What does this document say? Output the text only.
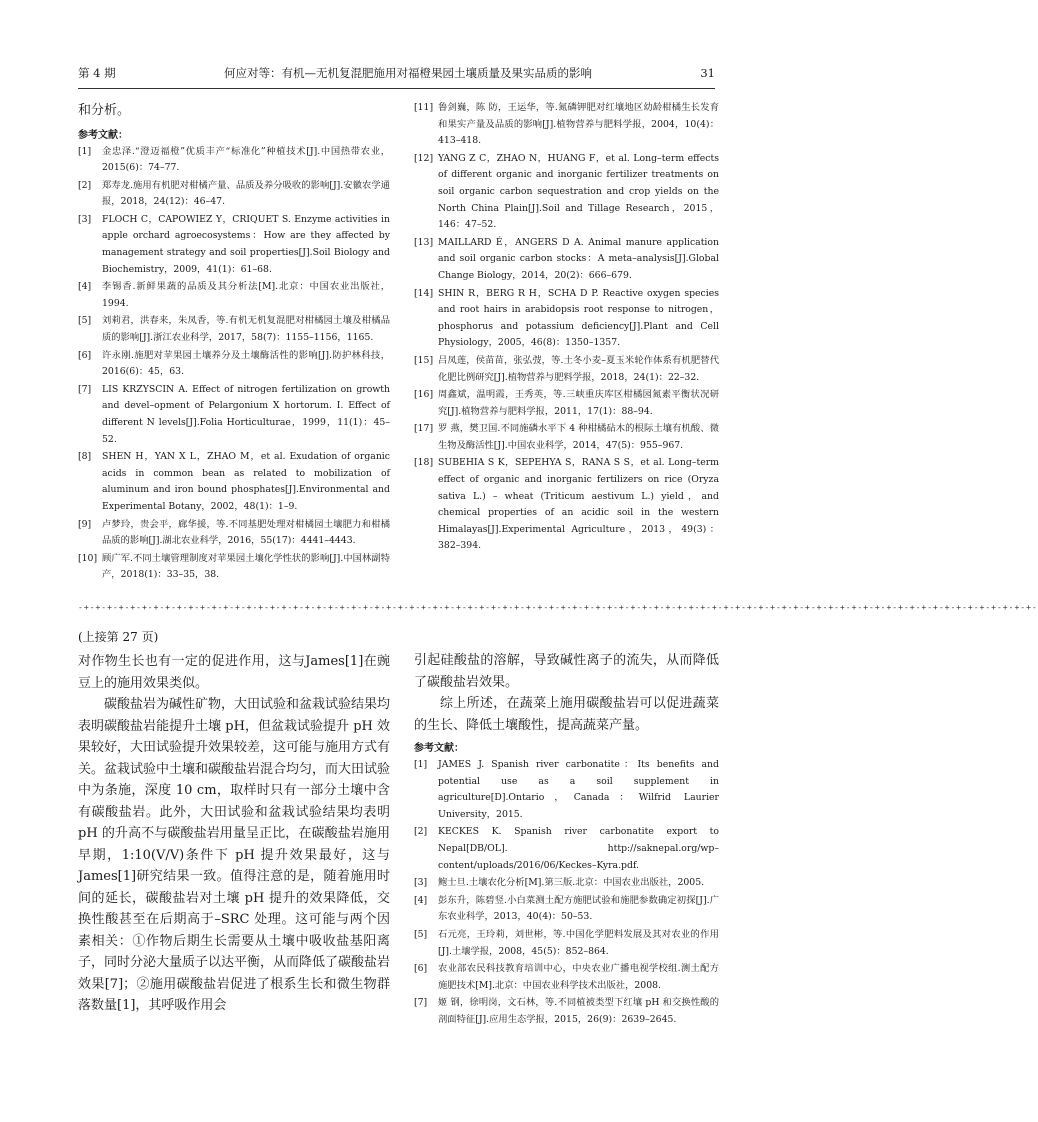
第 4 期	何应对等：有机—无机复混肥施用对福橙果园土壤质量及果实品质的影响	31

和分析。

参考文献：
[1]	金忠泽.“澄迈福橙”优质丰产“标准化”种植技术[J].中国热带农业，2015(6)：74–77.
[2]	郑寿龙.施用有机肥对柑橘产量、品质及养分吸收的影响[J].安徽农学通报，2018，24(12)：46–47.
[3]	FLOCH C，CAPOWIEZ Y，CRIQUET S. Enzyme activities in apple orchard agroecosystems：How are they affected by management strategy and soil properties[J].Soil Biology and Biochemistry，2009，41(1)：61–68.
[4]	李锡香.新鲜果蔬的品质及其分析法[M].北京：中国农业出版社，1994.
[5]	刘莉君，洪春来，朱凤香，等.有机无机复混肥对柑橘园土壤及柑橘品质的影响[J].浙江农业科学，2017，58(7)：1155–1156，1165.
[6]	许永刚.施肥对苹果园土壤养分及土壤酶活性的影响[J].防护林科技，2016(6)：45，63.
[7]	LIS KRZYSCIN A. Effect of nitrogen fertilization on growth and devel–opment of Pelargonium X hortorum. I. Effect of different N levels[J].Folia Horticulturae，1999，11(1)：45–52.
[8]	SHEN H，YAN X L，ZHAO M，et al. Exudation of organic acids in common bean as related to mobilization of aluminum and iron bound phosphates[J].Environmental and Experimental Botany，2002，48(1)：1–9.
[9]	卢梦玲，贵会平，廊华援，等.不同基肥处理对柑橘园土壤肥力和柑橘品质的影响[J].湖北农业科学，2016，55(17)：4441–4443.
[10] 顾广军.不同土壤管理制度对苹果园土壤化学性状的影响[J].中国林副特产，2018(1)：33–35，38.
[11] 鲁剑巍，陈 防，王运华，等.氮磷钾肥对红壤地区幼龄柑橘生长发育和果实产量及品质的影响[J].植物营养与肥料学报，2004，10(4)：413–418.
[12] YANG Z C，ZHAO N，HUANG F，et al. Long–term effects of different organic and inorganic fertilizer treatments on soil organic carbon sequestration and crop yields on the North China Plain[J].Soil and Tillage Research，2015，146：47–52.
[13] MAILLARD É，ANGERS D A. Animal manure application and soil organic carbon stocks：A meta–analysis[J].Global Change Biology，2014，20(2)：666–679.
[14] SHIN R，BERG R H，SCHA D P. Reactive oxygen species and root hairs in arabidopsis root response to nitrogen，phosphorus and potassium deficiency[J].Plant and Cell Physiology，2005，46(8)：1350–1357.
[15] 吕凤莲，侯苗苗，张弘弢，等.土冬小麦–夏玉米轮作体系有机肥替代化肥比例研究[J].植物营养与肥料学报，2018，24(1)：22–32.
[16] 周鑫斌，温明霞，王秀英，等.三峡重庆库区柑橘园氮素平衡状况研究[J].植物营养与肥料学报，2011，17(1)：88–94.
[17] 罗 燕，樊卫国.不同施磷水平下 4 种柑橘砧木的根际土壤有机酸、微生物及酶活性[J].中国农业科学，2014，47(5)：955–967.
[18] SUBEHIA S K，SEPEHYA S，RANA S S，et al. Long–term effect of organic and inorganic fertilizers on rice (Oryza sativa L.) – wheat (Triticum aestivum L.) yield，and chemical properties of an acidic soil in the western Himalayas[J].Experimental Agriculture，2013，49(3)：382–394.
-+-+-+-+-+-+-+-+-+-+-+-+-+-+-+-+-+-+-+-+-+-+-+-+-+-+-+-+-+-+-+-+-+-+-+-+-+-+-+-+-+-+-+-+-+-+-+-+-+-+-+-+-+-+-+-+-+-+-+-+-+-+-+-+-+-+-+-+-+-+-+-+-+-+-+-+-+-+-+-+-+-+-
(上接第 27 页)

对作物生长也有一定的促进作用，这与James[1]在豌豆上的施用效果类似。

碳酸盐岩为碱性矿物，大田试验和盆栽试验结果均表明碳酸盐岩能提升土壤 pH，但盆栽试验提升 pH 效果较好，大田试验提升效果较差，这可能与施用方式有关。盆栽试验中土壤和碳酸盐岩混合均匀，而大田试验中为条施，深度 10 cm，取样时只有一部分土壤中含有碳酸盐岩。此外，大田试验和盆栽试验结果均表明 pH 的升高不与碳酸盐岩用量呈正比，在碳酸盐岩施用早期，1:10(V/V)条件下 pH 提升效果最好，这与 James[1]研究结果一致。值得注意的是，随着施用时间的延长，碳酸盐岩对土壤 pH 提升的效果降低，交换性酸甚至在后期高于–SRC 处理。这可能与两个因素相关：①作物后期生长需要从土壤中吸收盐基阳离子，同时分泌大量质子以达平衡，从而降低了碳酸盐岩效果[7]；②施用碳酸盐岩促进了根系生长和微生物群落数量[1]，其呼吸作用会

引起硅酸盐的溶解，导致碱性离子的流失，从而降低了碳酸盐岩效果。

综上所述，在蔬菜上施用碳酸盐岩可以促进蔬菜的生长、降低土壤酸性，提高蔬菜产量。

参考文献：
[1]	JAMES J. Spanish river carbonatite：Its benefits and potential use as a soil supplement in agriculture[D].Ontario，Canada：Wilfrid Laurier University，2015.
[2]	KECKES K. Spanish river carbonatite export to Nepal[DB/OL]. http://saknepal.org/wp–content/uploads/2016/06/Keckes–Kyra.pdf.
[3]	鲍士旦.土壤农化分析[M].第三版.北京：中国农业出版社，2005.
[4]	彭东升，陈碧竖.小白菜测土配方施肥试验和施肥参数确定初探[J].广东农业科学，2013，40(4)：50–53.
[5]	石元亮，王玲莉，刘世彬，等.中国化学肥料发展及其对农业的作用[J].土壤学报，2008，45(5)：852–864.
[6]	农业部农民科技教育培训中心，中央农业广播电视学校组.测土配方施肥技术[M].北京：中国农业科学技术出版社，2008.
[7]	姬 钢，徐明岗，文石林，等.不同植被类型下红壤 pH 和交换性酸的剖面特征[J].应用生态学报，2015，26(9)：2639–2645.
